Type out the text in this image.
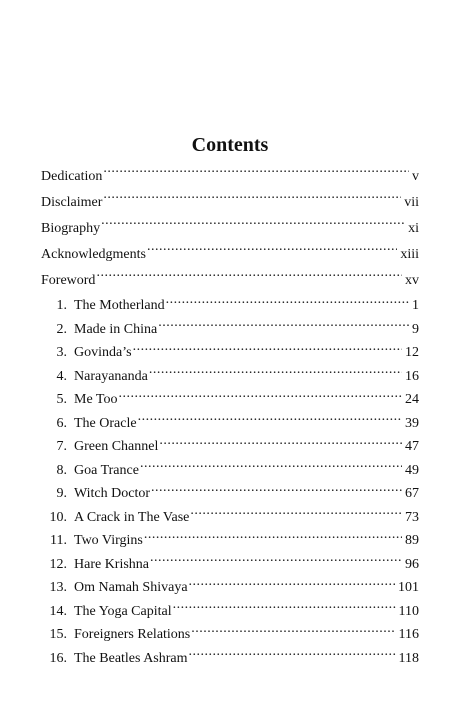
Contents
Dedication .....	v
Disclaimer .....	vii
Biography .....	xi
Acknowledgments .....	xiii
Foreword .....	xv
1. The Motherland .....	1
2. Made in China .....	9
3. Govinda’s .....	12
4. Narayananda .....	16
5. Me Too .....	24
6. The Oracle .....	39
7. Green Channel .....	47
8. Goa Trance .....	49
9. Witch Doctor .....	67
10. A Crack in The Vase .....	73
11. Two Virgins .....	89
12. Hare Krishna .....	96
13. Om Namah Shivaya .....	101
14. The Yoga Capital .....	110
15. Foreigners Relations .....	116
16. The Beatles Ashram .....	118
